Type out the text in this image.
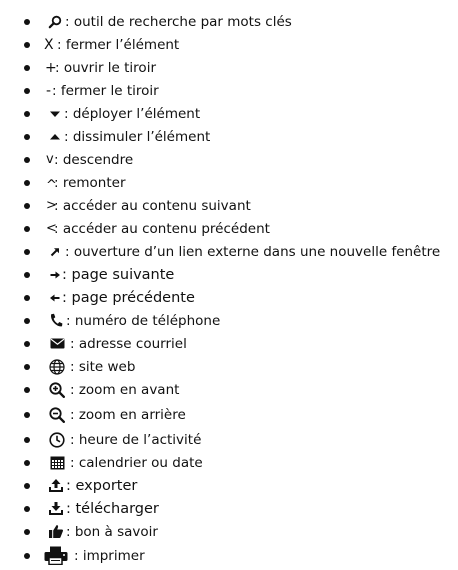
: outil de recherche par mots clés
X : fermer l’élément
+
: ouvrir le tiroir
- : fermer le tiroir
: déployer l’élément
: dissimuler l’élément
v : descendre
^
: remonter
>
: accéder au contenu suivant
<
: accéder au contenu précédent
: ouverture d’un lien externe dans une nouvelle fenêtre
: page suivante
: page précédente
: numéro de téléphone
: adresse courriel
: site web
: zoom en avant
: zoom en arrière
: heure de l’activité
: calendrier ou date
: exporter
: télécharger
: bon à savoir
: imprimer
